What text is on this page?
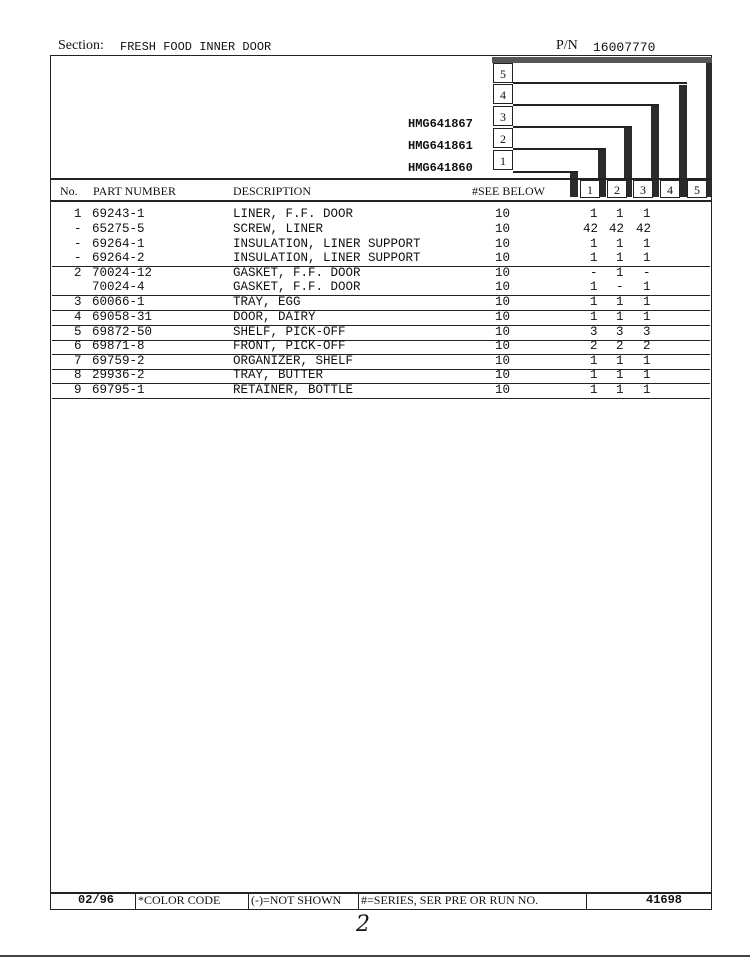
Section: FRESH FOOD INNER DOOR	P/N 16007770
5
4
3
2
1
HMG641867
HMG641861
HMG641860
No. PART NUMBER	DESCRIPTION	#SEE BELOW	1	2	3	4	5
1 69243-1	LINER, F.F. DOOR	10	1 1 1
- 65275-5	SCREW, LINER	10	42 42 42
- 69264-1	INSULATION, LINER SUPPORT	10	1 1 1
- 69264-2	INSULATION, LINER SUPPORT	10	1 1 1
2 70024-12	GASKET, F.F. DOOR	10	- 1 -
70024-4	GASKET, F.F. DOOR	10	1 - 1
3 60066-1	TRAY, EGG	10	1 1 1
4 69058-31	DOOR, DAIRY	10	1 1 1
5 69872-50	SHELF, PICK-OFF	10	3 3 3
6 69871-8	FRONT, PICK-OFF	10	2 2 2
7 69759-2	ORGANIZER, SHELF	10	1 1 1
8 29936-2	TRAY, BUTTER	10	1 1 1
9 69795-1	RETAINER, BOTTLE	10	1 1 1
02/96 *COLOR CODE	(-)=NOT SHOWN #=SERIES, SER PRE OR RUN NO.	41698
2
